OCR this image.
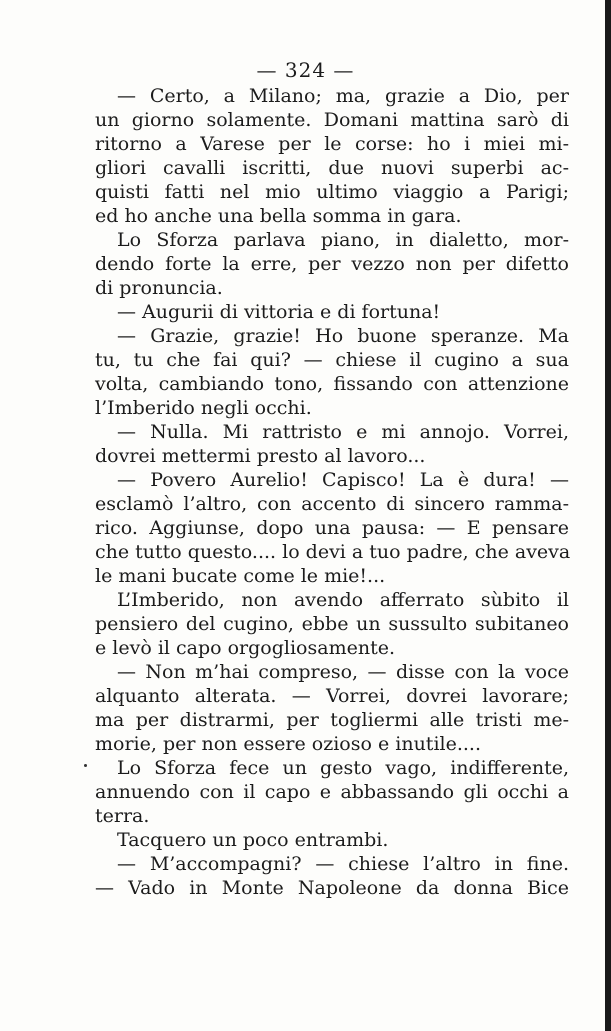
— 324 —
— Certo, a Milano; ma, grazie a Dio, per
un giorno solamente. Domani mattina sarò di
ritorno a Varese per le corse: ho i miei mi-
gliori cavalli iscritti, due nuovi superbi ac-
quisti fatti nel mio ultimo viaggio a Parigi;
ed ho anche una bella somma in gara.
Lo Sforza parlava piano, in dialetto, mor-
dendo forte la erre, per vezzo non per difetto
di pronuncia.
— Augurii di vittoria e di fortuna!
— Grazie, grazie! Ho buone speranze. Ma
tu, tu che fai qui? — chiese il cugino a sua
volta, cambiando tono, fissando con attenzione
l’Imberido negli occhi.
— Nulla. Mi rattristo e mi annojo. Vorrei,
dovrei mettermi presto al lavoro...
— Povero Aurelio! Capisco! La è dura! —
esclamò l’altro, con accento di sincero ramma-
rico. Aggiunse, dopo una pausa: — E pensare
che tutto questo.... lo devi a tuo padre, che aveva
le mani bucate come le mie!...
L’Imberido, non avendo afferrato sùbito il
pensiero del cugino, ebbe un sussulto subitaneo
e levò il capo orgogliosamente.
— Non m’hai compreso, — disse con la voce
alquanto alterata. — Vorrei, dovrei lavorare;
ma per distrarmi, per togliermi alle tristi me-
morie, per non essere ozioso e inutile....
Lo Sforza fece un gesto vago, indifferente,
annuendo con il capo e abbassando gli occhi a
terra.
Tacquero un poco entrambi.
— M’accompagni? — chiese l’altro in fine.
— Vado in Monte Napoleone da donna Bice
